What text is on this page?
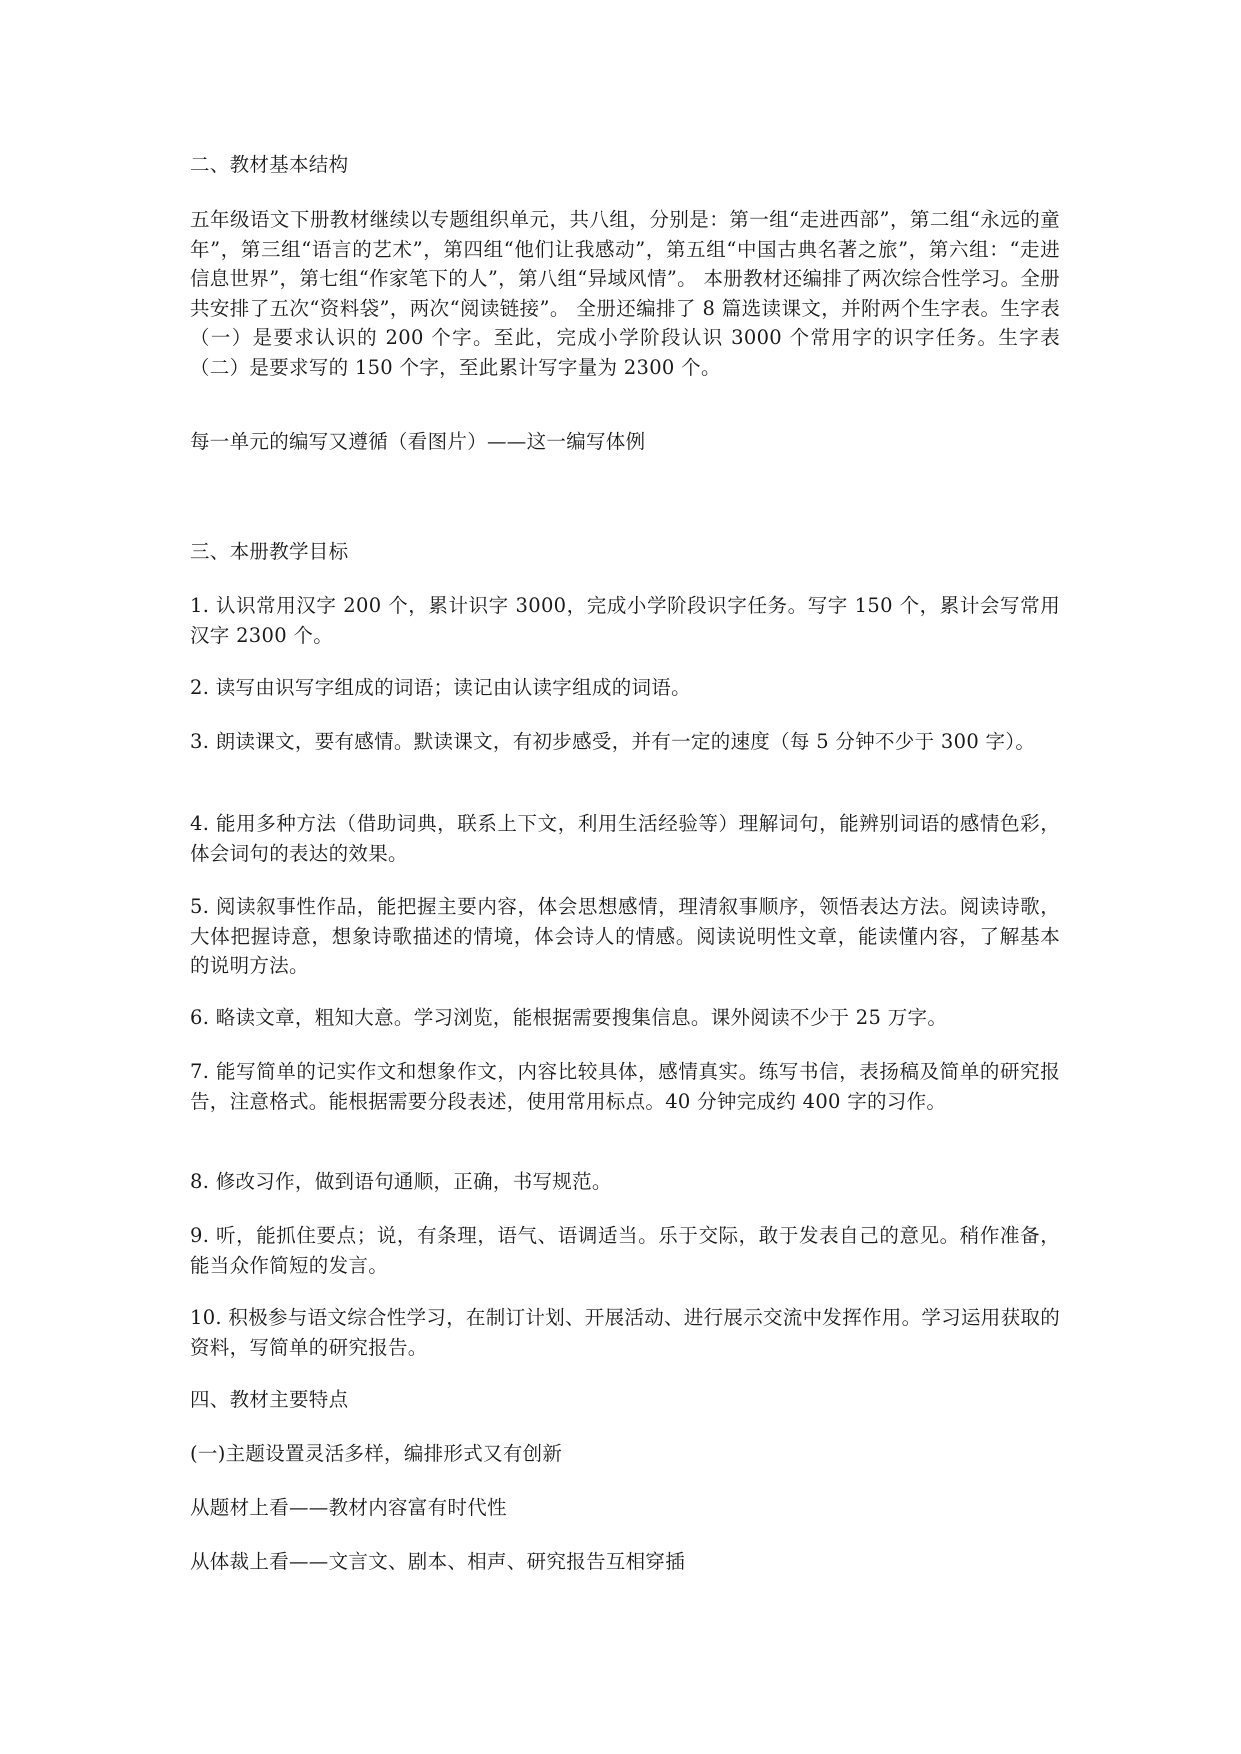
二、教材基本结构

五年级语文下册教材继续以专题组织单元，共八组，分别是：第一组“走进西部”，第二组“永远的童年”，第三组“语言的艺术”，第四组“他们让我感动”，第五组“中国古典名著之旅”，第六组：“走进信息世界”，第七组“作家笔下的人”，第八组“异域风情”。 本册教材还编排了两次综合性学习。全册共安排了五次“资料袋”，两次“阅读链接”。 全册还编排了 8 篇选读课文，并附两个生字表。生字表（一）是要求认识的 200 个字。至此，完成小学阶段认识 3000 个常用字的识字任务。生字表（二）是要求写的 150 个字，至此累计写字量为 2300 个。

每一单元的编写又遵循（看图片）——这一编写体例

三、本册教学目标

1. 认识常用汉字 200 个，累计识字 3000，完成小学阶段识字任务。写字 150 个，累计会写常用汉字 2300 个。

2. 读写由识写字组成的词语；读记由认读字组成的词语。

3. 朗读课文，要有感情。默读课文，有初步感受，并有一定的速度（每 5 分钟不少于 300 字）。

4. 能用多种方法（借助词典，联系上下文，利用生活经验等）理解词句，能辨别词语的感情色彩，体会词句的表达的效果。

5. 阅读叙事性作品，能把握主要内容，体会思想感情，理清叙事顺序，领悟表达方法。阅读诗歌，大体把握诗意，想象诗歌描述的情境，体会诗人的情感。阅读说明性文章，能读懂内容，了解基本的说明方法。

6. 略读文章，粗知大意。学习浏览，能根据需要搜集信息。课外阅读不少于 25 万字。

7. 能写简单的记实作文和想象作文，内容比较具体，感情真实。练写书信，表扬稿及简单的研究报告，注意格式。能根据需要分段表述，使用常用标点。40 分钟完成约 400 字的习作。

8. 修改习作，做到语句通顺，正确，书写规范。

9. 听，能抓住要点；说，有条理，语气、语调适当。乐于交际，敢于发表自己的意见。稍作准备，能当众作简短的发言。

10. 积极参与语文综合性学习，在制订计划、开展活动、进行展示交流中发挥作用。学习运用获取的资料，写简单的研究报告。

四、教材主要特点

(一)主题设置灵活多样，编排形式又有创新

从题材上看——教材内容富有时代性

从体裁上看——文言文、剧本、相声、研究报告互相穿插
